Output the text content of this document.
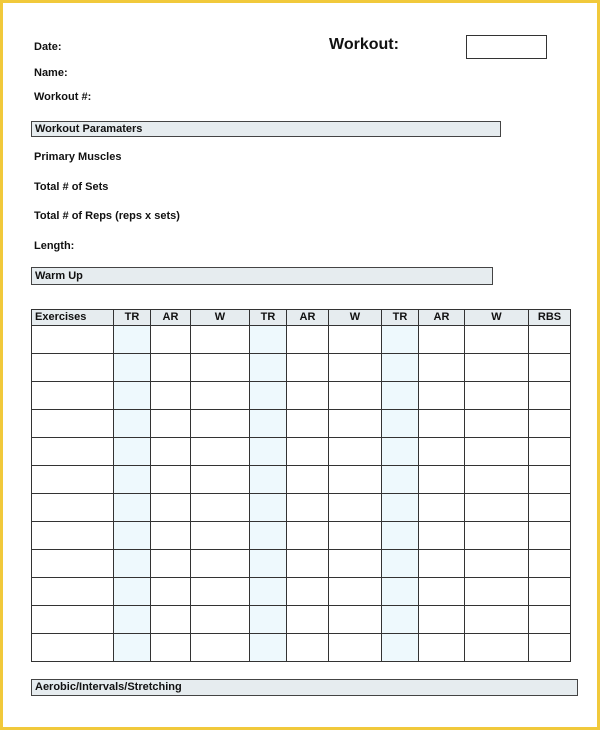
Date:
Name:
Workout #:
Workout:
Workout Paramaters
Primary Muscles
Total # of Sets
Total # of Reps (reps x sets)
Length:
Warm Up
Exercises	TR	AR	W	TR	AR	W	TR	AR	W	RBS

Aerobic/Intervals/Stretching
